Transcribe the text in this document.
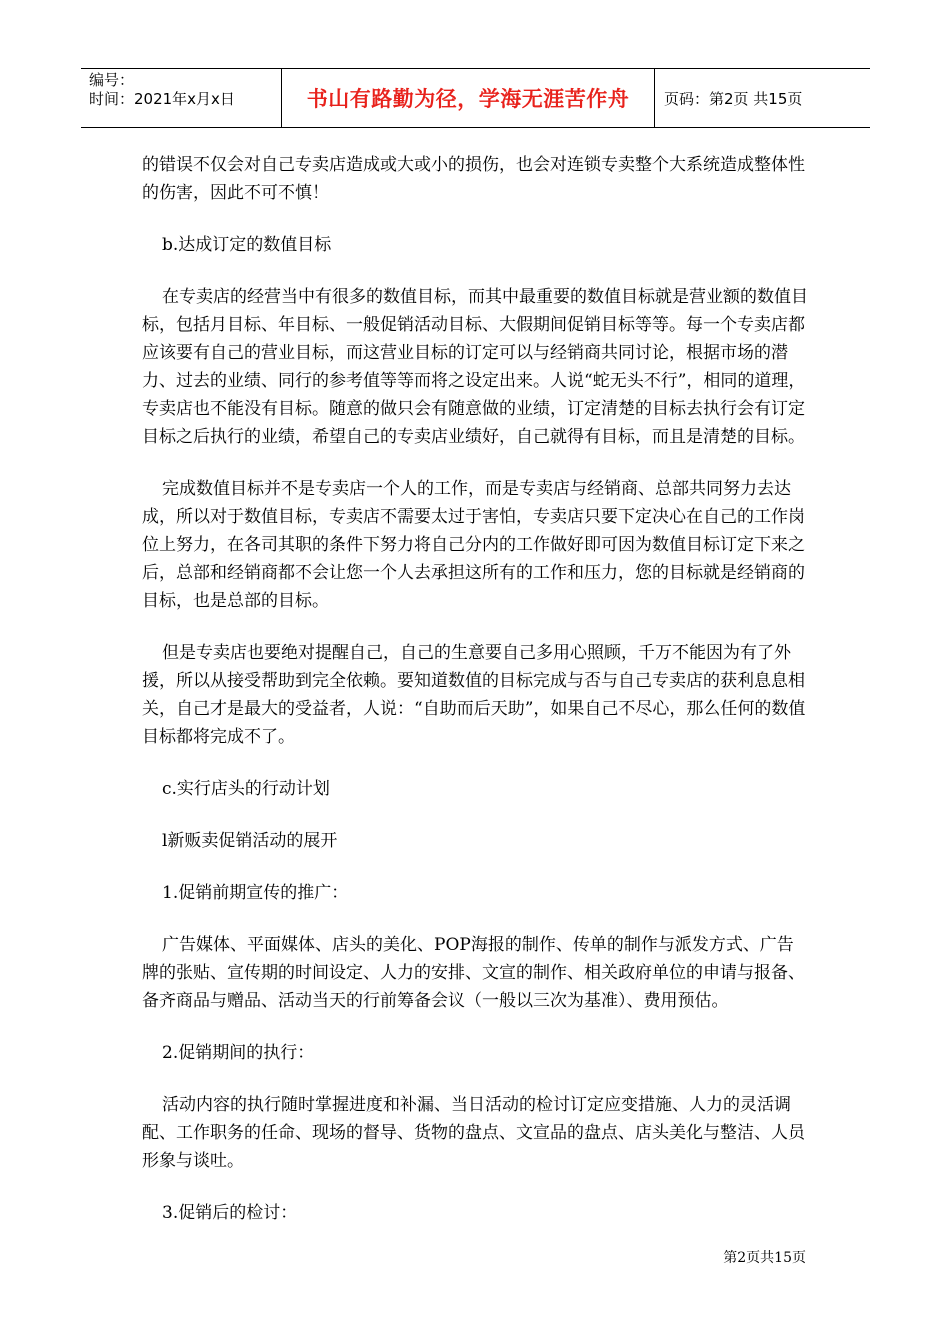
编号：
时间：2021年x月x日	书山有路勤为径，学海无涯苦作舟	页码：第2页 共15页

的错误不仅会对自己专卖店造成或大或小的损伤，也会对连锁专卖整个大系统造成整体性的伤害，因此不可不慎！

b.达成订定的数值目标

在专卖店的经营当中有很多的数值目标，而其中最重要的数值目标就是营业额的数值目标，包括月目标、年目标、一般促销活动目标、大假期间促销目标等等。每一个专卖店都应该要有自己的营业目标，而这营业目标的订定可以与经销商共同讨论，根据市场的潜力、过去的业绩、同行的参考值等等而将之设定出来。人说“蛇无头不行”，相同的道理，专卖店也不能没有目标。随意的做只会有随意做的业绩，订定清楚的目标去执行会有订定目标之后执行的业绩，希望自己的专卖店业绩好，自己就得有目标，而且是清楚的目标。

完成数值目标并不是专卖店一个人的工作，而是专卖店与经销商、总部共同努力去达成，所以对于数值目标，专卖店不需要太过于害怕，专卖店只要下定决心在自己的工作岗位上努力，在各司其职的条件下努力将自己分内的工作做好即可因为数值目标订定下来之后，总部和经销商都不会让您一个人去承担这所有的工作和压力，您的目标就是经销商的目标，也是总部的目标。

但是专卖店也要绝对提醒自己，自己的生意要自己多用心照顾，千万不能因为有了外援，所以从接受帮助到完全依赖。要知道数值的目标完成与否与自己专卖店的获利息息相关，自己才是最大的受益者，人说：“自助而后天助”，如果自己不尽心，那么任何的数值目标都将完成不了。

c.实行店头的行动计划

l新贩卖促销活动的展开

1.促销前期宣传的推广：

广告媒体、平面媒体、店头的美化、POP海报的制作、传单的制作与派发方式、广告牌的张贴、宣传期的时间设定、人力的安排、文宣的制作、相关政府单位的申请与报备、备齐商品与赠品、活动当天的行前筹备会议（一般以三次为基准）、费用预估。

2.促销期间的执行：

活动内容的执行随时掌握进度和补漏、当日活动的检讨订定应变措施、人力的灵活调配、工作职务的任命、现场的督导、货物的盘点、文宣品的盘点、店头美化与整洁、人员形象与谈吐。

3.促销后的检讨：

第2页共15页
